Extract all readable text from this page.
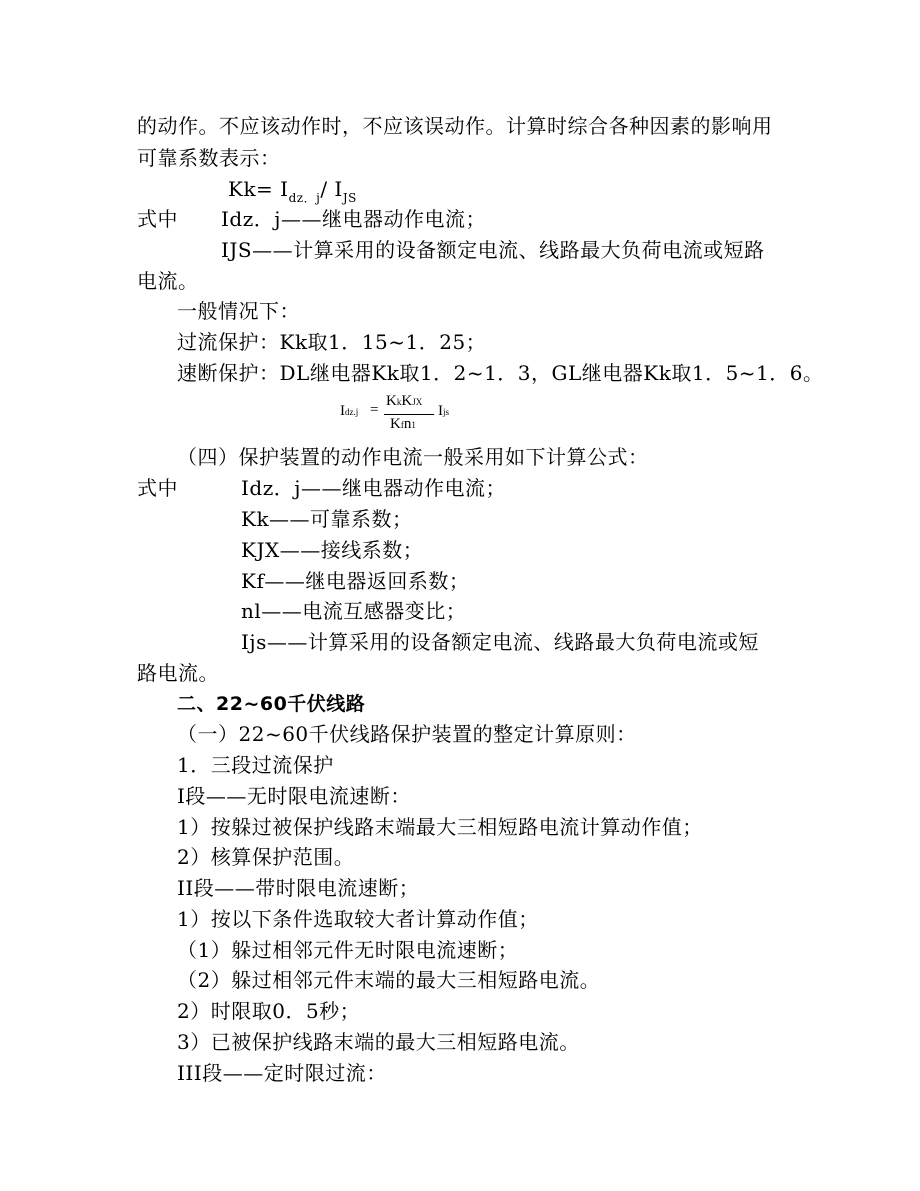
的动作。不应该动作时，不应该误动作。计算时综合各种因素的影响用
可靠系数表示：
$Kk= I_{dz.j}/$ $I_{JS}$
式中 Idz．j——继电器动作电流；
IJS——计算采用的设备额定电流、线路最大负荷电流或短路
电流。
一般情况下：
过流保护：Kk取1．15~1．25；
速断保护：DL继电器Kk取1．2~1．3，GL继电器Kk取1．5~1．6。
Idz.j =
KkKJX
Kfn1
Ijs
（四）保护装置的动作电流一般采用如下计算公式：
式中	Idz．j——继电器动作电流；
Kk——可靠系数；
KJX——接线系数；
Kf——继电器返回系数；
nl——电流互感器变比；
Ijs——计算采用的设备额定电流、线路最大负荷电流或短
路电流。
二、22~60千伏线路
（一）22~60千伏线路保护装置的整定计算原则：
1．三段过流保护
I段——无时限电流速断：
1）按躲过被保护线路末端最大三相短路电流计算动作值；
2）核算保护范围。
II段——带时限电流速断；
1）按以下条件选取较大者计算动作值；
（1）躲过相邻元件无时限电流速断；
（2）躲过相邻元件末端的最大三相短路电流。
2）时限取0．5秒；
3）已被保护线路末端的最大三相短路电流。
III段——定时限过流：
